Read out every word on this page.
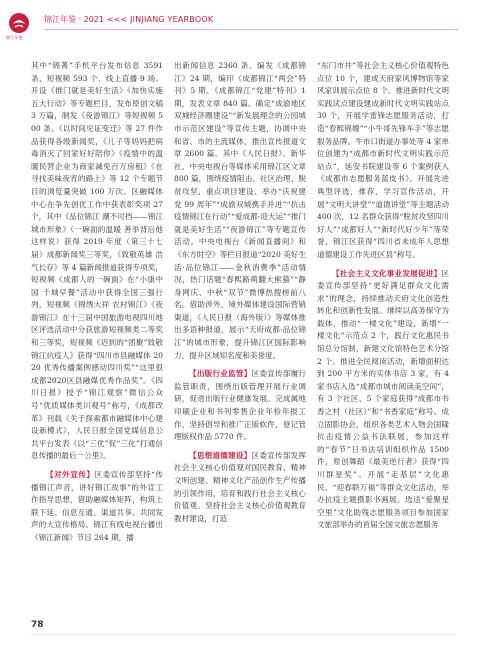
锦江年鉴
锦江年鉴 · 2021 <<< JINJIANG YEARBOOK

其中“锦菁”手机平台发布信息 3591 条、短视频 593 个、线上直播 9 场。开设《推门就是美好生活》《加快实施五大行动》等专题栏目，发布原创文稿 3 万篇，制发《夜游锦江》等短视频 500 条。《以时间见证变迁》等 27 件作品获得各级新闻奖，《儿子等妈妈把病毒消灭了回家好好陪你》《疫情中的温暖民营企业为商家减免百万房租》《在寻找美味夜宵的路上》等 12 个专题节目的浏览量突破 100 万次。区融媒体中心在争先创优工作中获表彰奖项 27 个，其中《品位锦江 潮不可挡——锦江城市形象》（一碗面的温暖 善举背后他这样说）获得 2019 年度（第三十七届）成都新闻奖三等奖，《致敬英雄 浩气长存》等 4 篇新闻报道获得专项奖，短视频《成都人的一碗面》在“小康中国 千城早餐”活动中获得全国三强行列，短视频《锦绣大祥 农村锦江》《夜游锦江》在十三届中国旅游电视四川地区评选活动中分获旅游短视频类二等奖和三等奖，短视频《迟到的“团聚”致敬锦江抗疫人》获得“四川市县融媒体 2020 优秀传播案例感动四川奖”“这里很成都2020区县融媒优秀作品奖”。《四川日报》授予“锦江观察”微信公众号“优质媒体类川观号”称号，《成都改革》刊载《关于探索都市融媒体中心建设新模式》，人民日报全国党媒信息公共平台发表《以“三优”促“三化”打通信息传播的最后一公里》。

【对外宣传】区委宣传部坚持“传播锦江声音，讲好锦江故事”的外宣工作指导思想，借助融媒体矩阵，构筑上联下延、信息互通、渠道共享、共同发声的大宣传格局。锦江有线电视台播出《锦江新闻》节目 264 期，播

出新闻信息 2360 条。编发《成都锦江》24 期，编印《成都锦江“两会”特刊》5 期、《成都锦江“党建”特刊》1 期，发表文章 840 篇。确定“成渝地区双城经济圈建设”“新发展理念的公园城市示范区建设”等宣传主题，协调中央和省、市的主流媒体，推出宣传报道文章 2600 篇。其中《人民日报》、新华社、中央电视台等媒体采用锦江区文章 800 篇，围绕疫情阻击、社区治理、脱贫攻坚、重点项目建设、举办“庆祝建党 99 周年”“成渝双城携手并进”“抗击疫情锦江在行动”“爱成都·迎大运”“推门就是美好生活”“夜游锦江”等专题宣传活动。中央电视台《新闻直播间》和《东方时空》等栏目报道“2020 美好生活·品位锦江——金秋消费季”活动情况，热门话题“春熙路萌翻大熊猫”“静身网庆、中秋“双节”微博热搜榜前八名。借助涉外、境外媒体建设国际营销渠道，《人民日报（海外版）》等媒体推出多语种报道，展示“天府成都·品位锦江”的城市形象，提升锦江区国际影响力，提升区域知名度和美誉度。

【出版行业监管】区委宣传部履行监管职责，围绕出版管理开展行业调研，促进出版行业健康发展。完成属地印刷企业和书刊零售企业年检年报工作，坚持倡导和推广正版软件，登记管理版权作品 5770 件。

【思想道德建设】区委宣传部发挥社会主义核心价值观对国民教育、精神文明创建、精神文化产品创作生产传播的引领作用，培育和践行社会主义核心价值观。坚持社会主义核心价值观教育教材建设，打造

“东门市井”等社会主义核心价值观特色点位 10 个，建成天府家风博物馆等家风家训展示点位 8 个。推进新时代文明实践试点建设建成新时代文明实践站点 30 个，开展学雷锋志愿服务活动，打造“春熙锦嫂”“小牛哥先锋车手”等志愿服务品牌。牛市口街道办事处等 4 家单位创建为“成都市新时代文明实践示范站点”，延安书院建设等 6 个案例获入《成都市志愿服务蓝皮书》。开展先进典型评选，推荐、学习宣传活动，开展“文明大讲堂”“道德讲堂”等主题活动 400 次，12 名群众获得“脱贫攻坚四川好人”“成都好人”“新时代好少年”等荣誉，锦江区获得“四川省未成年人思想道德建设工作先进区县”称号。

【社会主义文化事业发展促进】区委宣传部坚持“更好满足群众文化需求”的理念，持续推动天府文化创造性转化和创新性发展。继续以高务保守为载体，推动“一楼文化”建设，新增“一楼文化”示范点 2 个，践行文化惠民书馆总分馆制，新建文化馆特色艺术分馆 2 个。推进全民阅读活动，新增面积达到 200 平方米的实体书店 3 家，有 4 家书店入选“成都市城市阅读美空间”，有 3 个社区、5 个家庭获得“成都市书香之村（社区）”和“书香家庭”称号。成立固影协会，组织各类艺术人物会国隆抗击疫情公益书法联展，参加这样的“春节”日书法培训组织作品 1500 件，原创舞蹈《最美逆行者》获得“四川群星奖”。开展“走基层”文化惠民、“迎春联万福”等群众文化活动，举办抗疫主题摄影书画展。选送“爱聚星空里”文化助残志愿服务项目参加国家文旅部举办的首届全国文旅志愿服务

78
